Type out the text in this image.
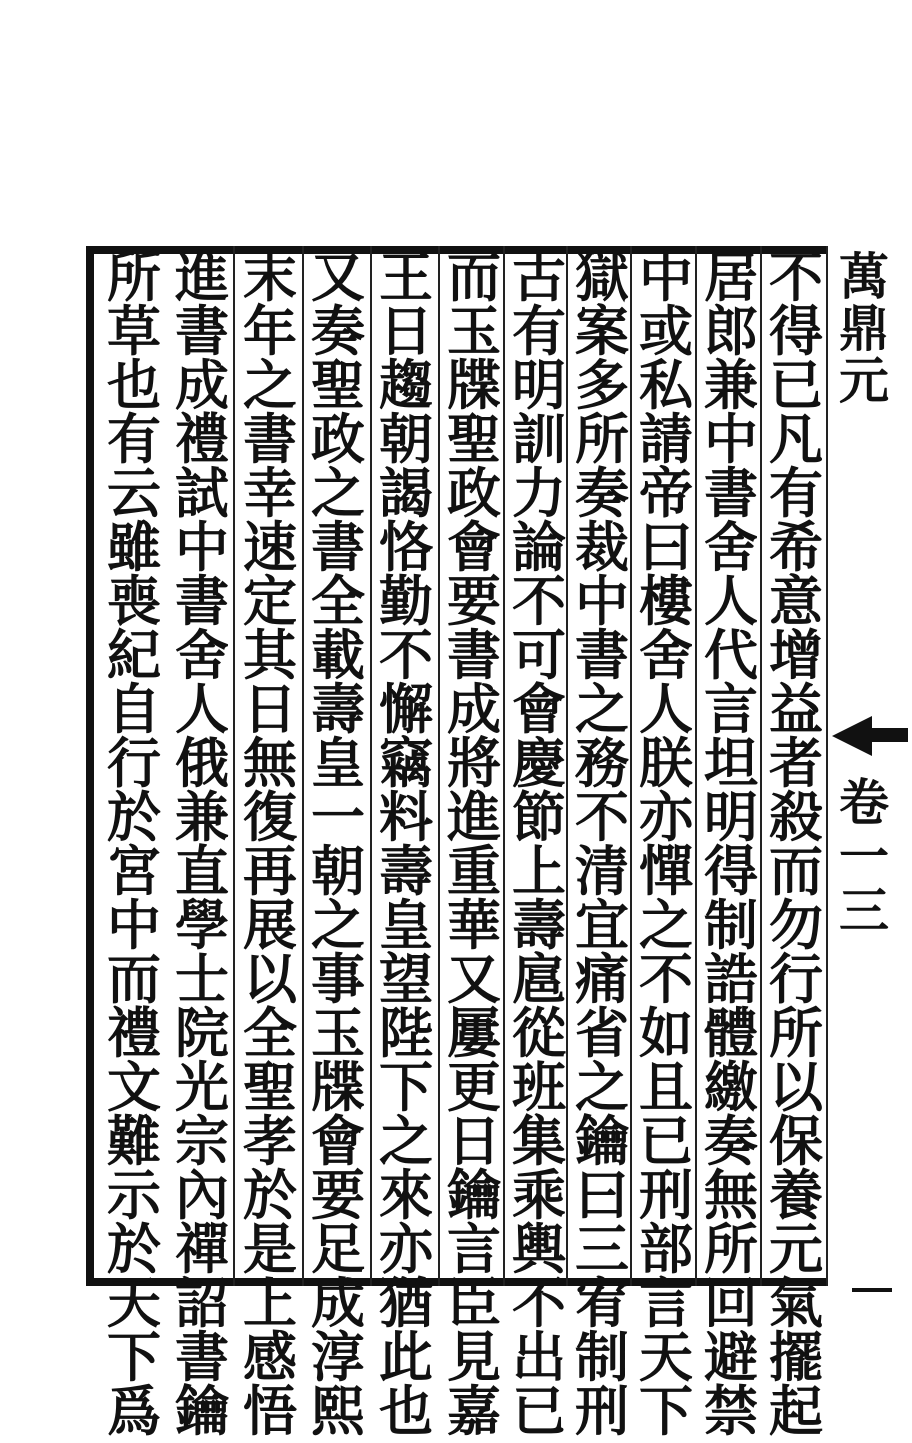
萬鼎元
卷一三
不
得
已
凡
有
希
意
增
益
者
殺
而
勿
行
所
以
保
養
元
氣
擺
起
居
郎
兼
中
書
舍
人
代
言
坦
明
得
制
誥
體
繳
奏
無
所
回
避
禁
中
或
私
請
帝
曰
樓
舍
人
朕
亦
憚
之
不
如
且
已
刑
部
言
天
下
獄
案
多
所
奏
裁
中
書
之
務
不
清
宜
痛
省
之
鑰
曰
三
宥
制
刑
古
有
明
訓
力
論
不
可
會
慶
節
上
壽
扈
從
班
集
乘
輿
不
出
已
而
玉
牒
聖
政
會
要
書
成
將
進
重
華
又
屢
更
日
鑰
言
臣
見
嘉
王
日
趨
朝
謁
恪
勤
不
懈
竊
料
壽
皇
望
陛
下
之
來
亦
猶
此
也
又
奏
聖
政
之
書
全
載
壽
皇
一
朝
之
事
玉
牒
會
要
足
成
淳
熙
末
年
之
書
幸
速
定
其
日
無
復
再
展
以
全
聖
孝
於
是
上
感
悟
進
書
成
禮
試
中
書
舍
人
俄
兼
直
學
士
院
光
宗
內
禪
詔
書
鑰
所
草
也
有
云
雖
喪
紀
自
行
於
宮
中
而
禮
文
難
示
於
天
下
爲
